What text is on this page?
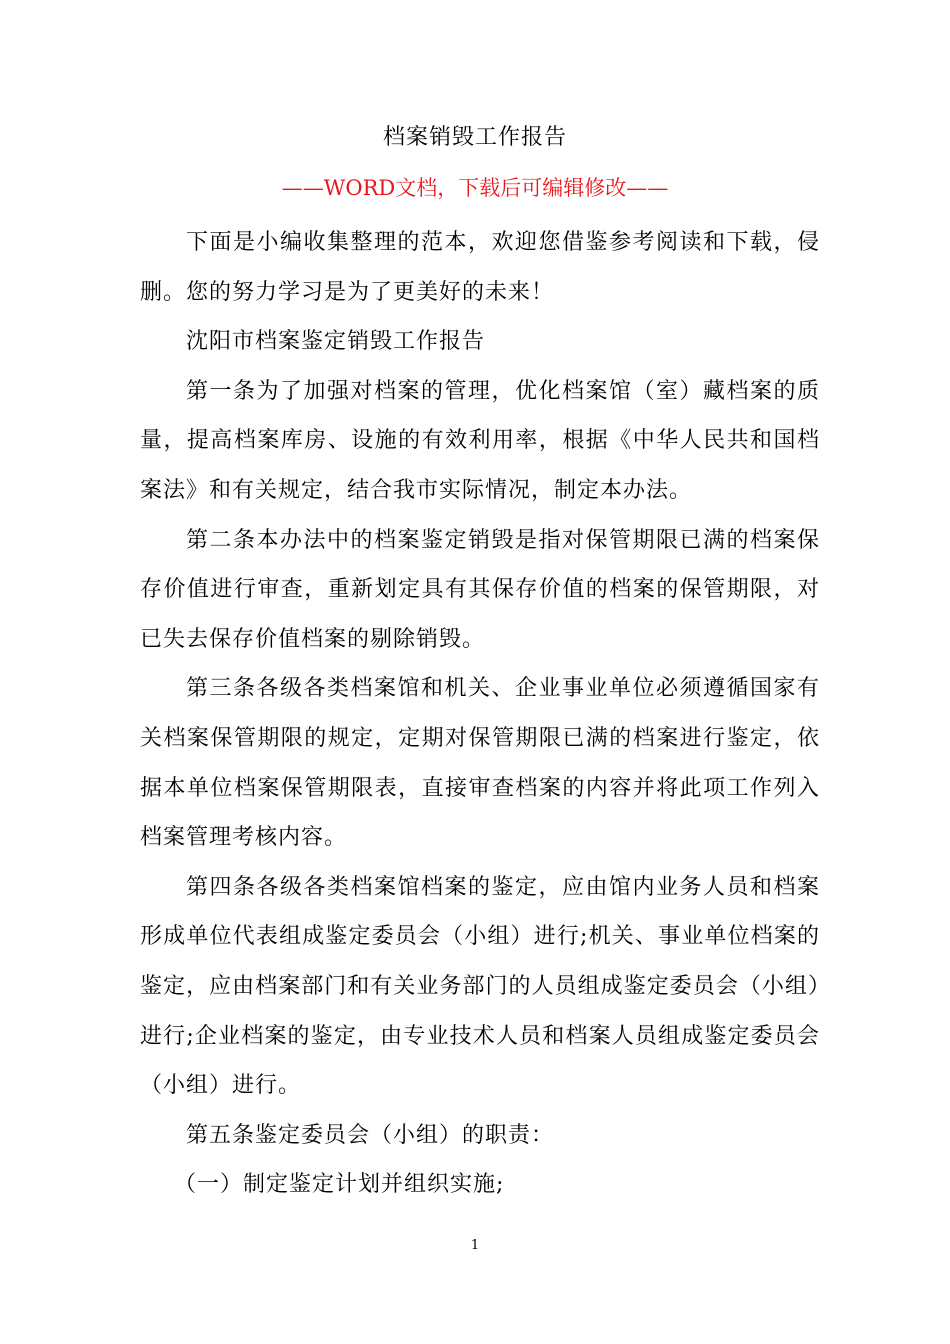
档案销毁工作报告
——WORD文档，下载后可编辑修改——

下面是小编收集整理的范本，欢迎您借鉴参考阅读和下载，侵删。您的努力学习是为了更美好的未来！

沈阳市档案鉴定销毁工作报告

第一条为了加强对档案的管理，优化档案馆（室）藏档案的质量，提高档案库房、设施的有效利用率，根据《中华人民共和国档案法》和有关规定，结合我市实际情况，制定本办法。

第二条本办法中的档案鉴定销毁是指对保管期限已满的档案保存价值进行审查，重新划定具有其保存价值的档案的保管期限，对已失去保存价值档案的剔除销毁。

第三条各级各类档案馆和机关、企业事业单位必须遵循国家有关档案保管期限的规定，定期对保管期限已满的档案进行鉴定，依据本单位档案保管期限表，直接审查档案的内容并将此项工作列入档案管理考核内容。

第四条各级各类档案馆档案的鉴定，应由馆内业务人员和档案形成单位代表组成鉴定委员会（小组）进行;机关、事业单位档案的鉴定，应由档案部门和有关业务部门的人员组成鉴定委员会（小组）进行;企业档案的鉴定，由专业技术人员和档案人员组成鉴定委员会（小组）进行。

第五条鉴定委员会（小组）的职责：

（一）制定鉴定计划并组织实施;

1
